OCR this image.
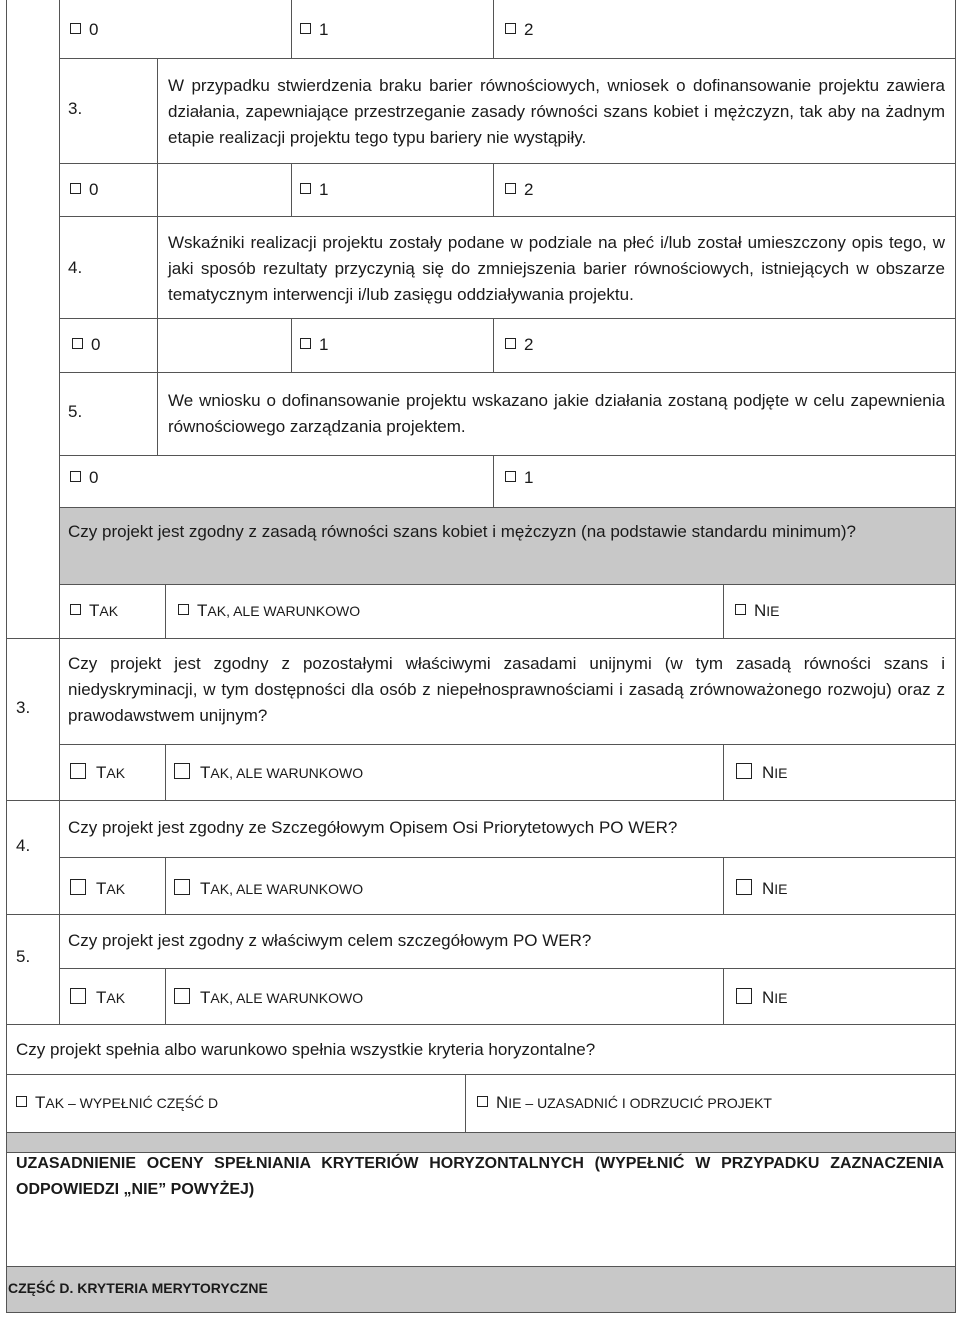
0	1	2
3.
W przypadku stwierdzenia braku barier równościowych, wniosek o dofinansowanie projektu zawiera działania, zapewniające przestrzeganie zasady równości szans kobiet i mężczyzn, tak aby na żadnym etapie realizacji projektu tego typu bariery nie wystąpiły.
0	1	2
4.
Wskaźniki realizacji projektu zostały podane w podziale na płeć i/lub został umieszczony opis tego, w jaki sposób rezultaty przyczynią się do zmniejszenia barier równościowych, istniejących w obszarze tematycznym interwencji i/lub zasięgu oddziaływania projektu.
0	1	2
5.
We wniosku o dofinansowanie projektu wskazano jakie działania zostaną podjęte w celu zapewnienia równościowego zarządzania projektem.
0	1
Czy projekt jest zgodny z zasadą równości szans kobiet i mężczyzn (na podstawie standardu minimum)?
TAK	TAK, ALE WARUNKOWO	NIE
3.
Czy projekt jest zgodny z pozostałymi właściwymi zasadami unijnymi (w tym zasadą równości szans i niedyskryminacji, w tym dostępności dla osób z niepełnosprawnościami i zasadą zrównoważonego rozwoju) oraz z prawodawstwem unijnym?
TAK	TAK, ALE WARUNKOWO	NIE
4.
Czy projekt jest zgodny ze Szczegółowym Opisem Osi Priorytetowych PO WER?
TAK	TAK, ALE WARUNKOWO	NIE
5.
Czy projekt jest zgodny z właściwym celem szczegółowym PO WER?
TAK	TAK, ALE WARUNKOWO	NIE
Czy projekt spełnia albo warunkowo spełnia wszystkie kryteria horyzontalne?
TAK – WYPEŁNIĆ CZĘŚĆ D	NIE – UZASADNIĆ I ODRZUCIĆ PROJEKT
UZASADNIENIE OCENY SPEŁNIANIA KRYTERIÓW HORYZONTALNYCH (WYPEŁNIĆ W PRZYPADKU ZAZNACZENIA ODPOWIEDZI „NIE” POWYŻEJ)
CZĘŚĆ D. KRYTERIA MERYTORYCZNE
